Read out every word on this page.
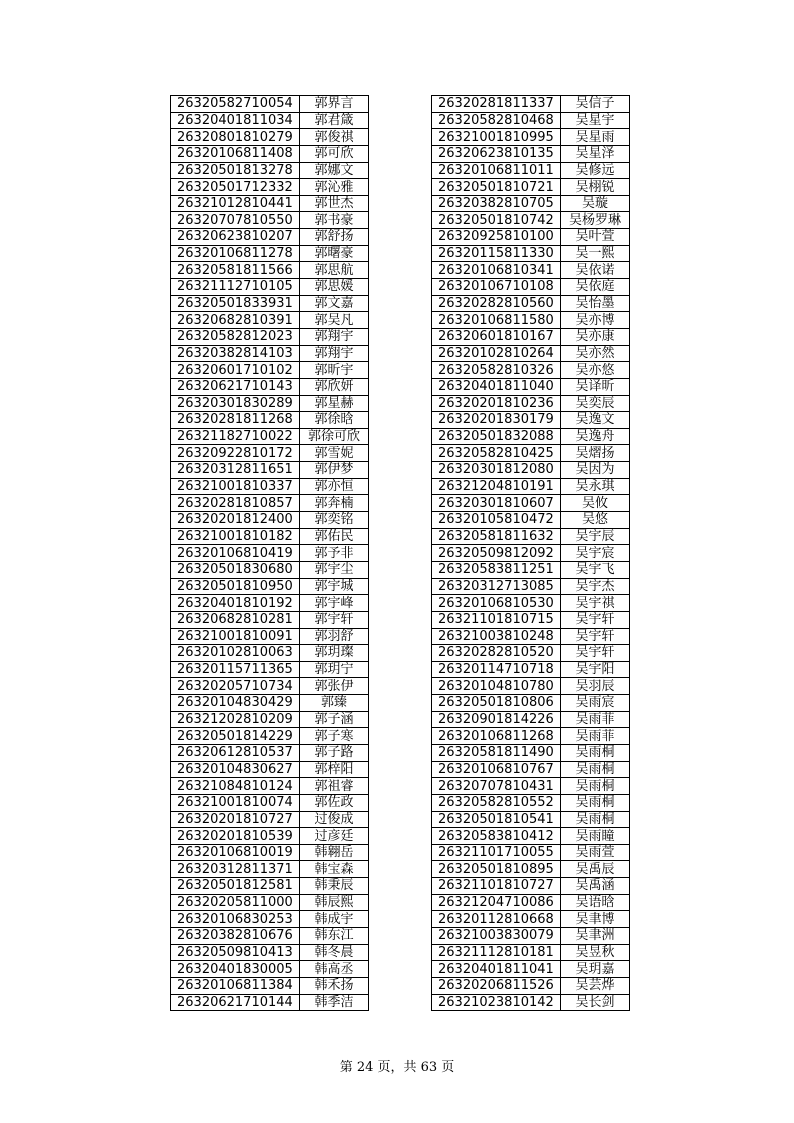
26320582710054	郭界言
26320401811034	郭君箴
26320801810279	郭俊祺
26320106811408	郭可欣
26320501813278	郭娜文
26320501712332	郭沁雅
26321012810441	郭世杰
26320707810550	郭书豪
26320623810207	郭舒扬
26320106811278	郭曙豪
26320581811566	郭思航
26321112710105	郭思媛
26320501833931	郭文嘉
26320682810391	郭吴凡
26320582812023	郭翔宇
26320382814103	郭翔宇
26320601710102	郭昕宇
26320621710143	郭欣妍
26320301830289	郭星赫
26320281811268	郭徐晗
26321182710022	郭徐可欣
26320922810172	郭雪妮
26320312811651	郭伊梦
26321001810337	郭亦恒
26320281810857	郭奔楠
26320201812400	郭奕铭
26321001810182	郭佑民
26320106810419	郭予非
26320501830680	郭宇尘
26320501810950	郭宇城
26320401810192	郭宇峰
26320682810281	郭宇轩
26321001810091	郭羽舒
26320102810063	郭玥璨
26320115711365	郭玥宁
26320205710734	郭张伊
26320104830429	郭臻
26321202810209	郭子涵
26320501814229	郭子寒
26320612810537	郭子路
26320104830627	郭梓阳
26321084810124	郭祖睿
26321001810074	郭佐政
26320201810727	过俊成
26320201810539	过彦廷
26320106810019	韩翱岳
26320312811371	韩宝森
26320501812581	韩秉辰
26320205811000	韩辰熙
26320106830253	韩成宇
26320382810676	韩东江
26320509810413	韩冬晨
26320401830005	韩高丞
26320106811384	韩禾扬
26320621710144	韩季洁
26320281811337	吴信子
26320582810468	吴星宇
26321001810995	吴星雨
26320623810135	吴星泽
26320106811011	吴修远
26320501810721	吴栩锐
26320382810705	吴璇
26320501810742	吴杨罗琳
26320925810100	吴叶萱
26320115811330	吴一熙
26320106810341	吴依诺
26320106710108	吴依庭
26320282810560	吴怡墨
26320106811580	吴亦博
26320601810167	吴亦康
26320102810264	吴亦然
26320582810326	吴亦悠
26320401811040	吴译昕
26320201810236	吴奕辰
26320201830179	吴逸文
26320501832088	吴逸舟
26320582810425	吴熠扬
26320301812080	吴因为
26321204810191	吴永琪
26320301810607	吴攸
26320105810472	吴悠
26320581811632	吴宇辰
26320509812092	吴宇宸
26320583811251	吴宇飞
26320312713085	吴宇杰
26320106810530	吴宇祺
26321101810715	吴宇轩
26321003810248	吴宇轩
26320282810520	吴宇轩
26320114710718	吴宇阳
26320104810780	吴羽辰
26320501810806	吴雨宸
26320901814226	吴雨菲
26320106811268	吴雨菲
26320581811490	吴雨桐
26320106810767	吴雨桐
26320707810431	吴雨桐
26320582810552	吴雨桐
26320501810541	吴雨桐
26320583810412	吴雨瞳
26321101710055	吴雨萱
26320501810895	吴禹辰
26321101810727	吴禹涵
26321204710086	吴语晗
26320112810668	吴聿博
26321003830079	吴聿洲
26321112810181	吴昱秋
26320401811041	吴玥嘉
26320206811526	吴芸烨
26321023810142	吴长剑
第 24 页，共 63 页
